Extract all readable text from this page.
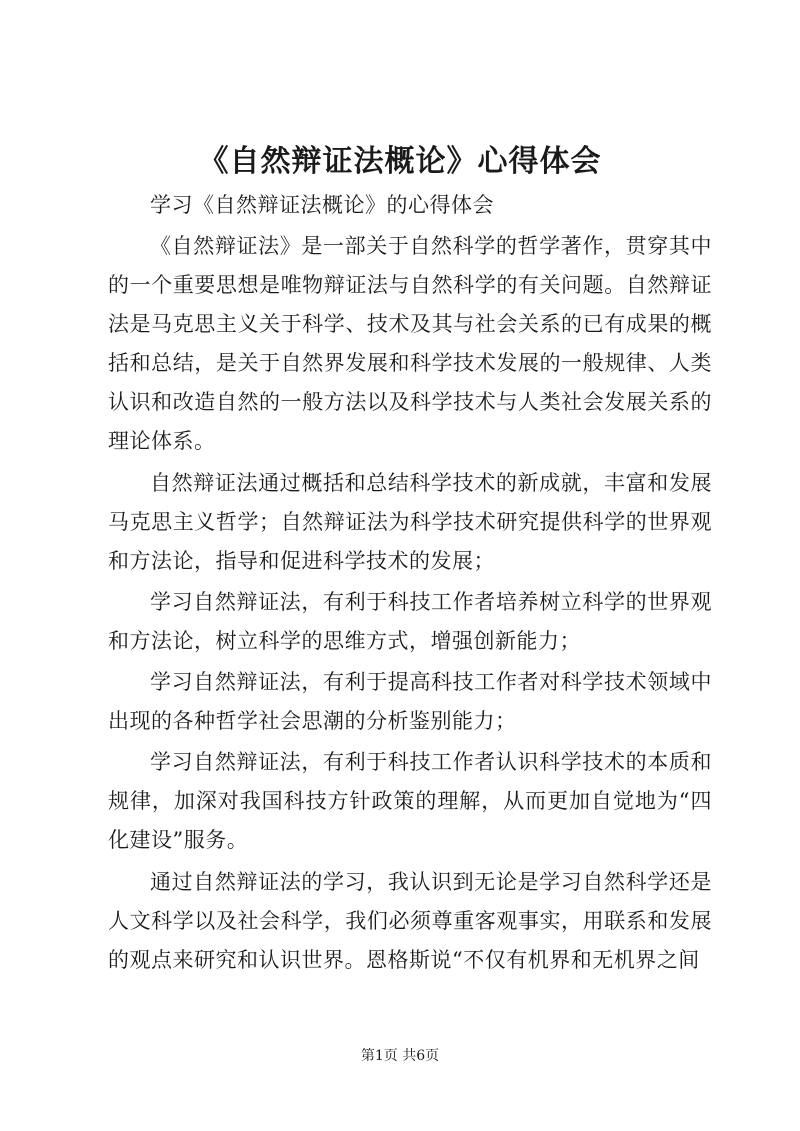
《自然辩证法概论》心得体会

学习《自然辩证法概论》的心得体会

《自然辩证法》是一部关于自然科学的哲学著作，贯穿其中的一个重要思想是唯物辩证法与自然科学的有关问题。自然辩证法是马克思主义关于科学、技术及其与社会关系的已有成果的概括和总结，是关于自然界发展和科学技术发展的一般规律、人类认识和改造自然的一般方法以及科学技术与人类社会发展关系的理论体系。

自然辩证法通过概括和总结科学技术的新成就，丰富和发展马克思主义哲学；自然辩证法为科学技术研究提供科学的世界观和方法论，指导和促进科学技术的发展；

学习自然辩证法，有利于科技工作者培养树立科学的世界观和方法论，树立科学的思维方式，增强创新能力；

学习自然辩证法，有利于提高科技工作者对科学技术领域中出现的各种哲学社会思潮的分析鉴别能力；

学习自然辩证法，有利于科技工作者认识科学技术的本质和规律，加深对我国科技方针政策的理解，从而更加自觉地为“四化建设”服务。

通过自然辩证法的学习，我认识到无论是学习自然科学还是人文科学以及社会科学，我们必须尊重客观事实，用联系和发展的观点来研究和认识世界。恩格斯说“不仅有机界和无机界之间

第1页 共6页
